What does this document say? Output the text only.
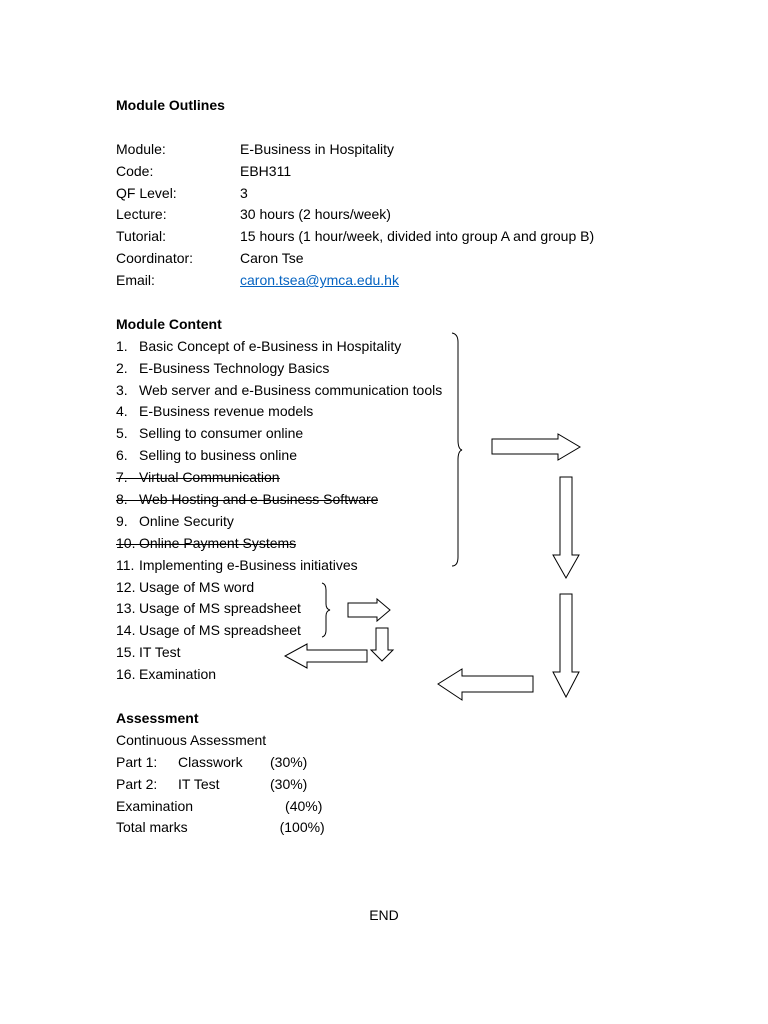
Module Outlines
Module:	E-Business in Hospitality
Code:	EBH311
QF Level:	3
Lecture:	30 hours (2 hours/week)
Tutorial:	15 hours (1 hour/week, divided into group A and group B)
Coordinator:	Caron Tse
Email:	caron.tsea@ymca.edu.hk
Module Content
1. Basic Concept of e-Business in Hospitality
2. E-Business Technology Basics
3. Web server and e-Business communication tools
4. E-Business revenue models
5. Selling to consumer online
6. Selling to business online
7. Virtual Communication
8. Web Hosting and e-Business Software
9. Online Security
10. Online Payment Systems
11. Implementing e-Business initiatives
12. Usage of MS word
13. Usage of MS spreadsheet
14. Usage of MS spreadsheet
15. IT Test
16. Examination
Assessment
Continuous Assessment
Part 1:	Classwork	(30%)
Part 2:	IT Test	(30%)
Examination	(40%)
Total marks	(100%)
END
